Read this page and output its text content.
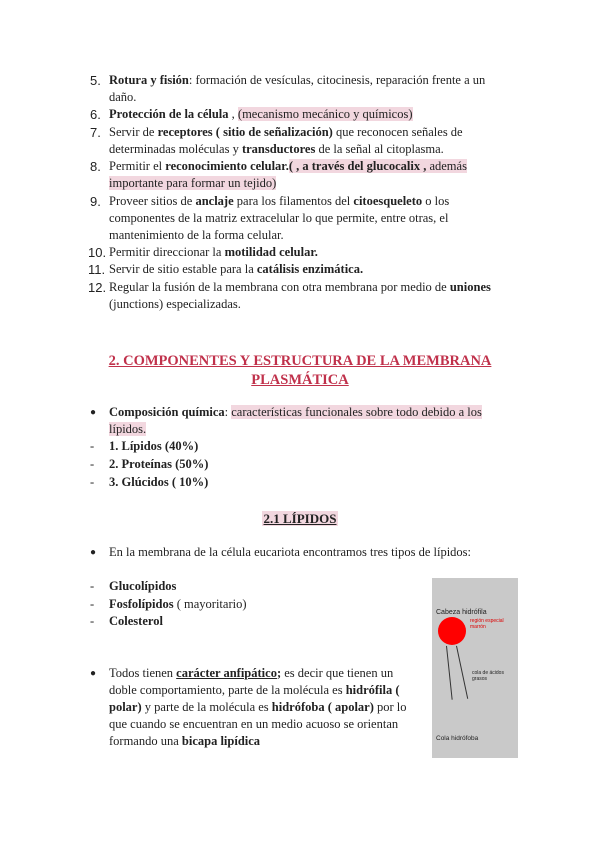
5. Rotura y fisión: formación de vesículas, citocinesis, reparación frente a un daño.
6. Protección de la célula , (mecanismo mecánico y químicos)
7. Servir de receptores ( sitio de señalización) que reconocen señales de determinadas moléculas y transductores de la señal al citoplasma.
8. Permitir el reconocimiento celular.( , a través del glucocalix , además importante para formar un tejido)
9. Proveer sitios de anclaje para los filamentos del citoesqueleto o los componentes de la matriz extracelular lo que permite, entre otras, el mantenimiento de la forma celular.
10. Permitir direccionar la motilidad celular.
11. Servir de sitio estable para la catálisis enzimática.
12. Regular la fusión de la membrana con otra membrana por medio de uniones (junctions) especializadas.
2. COMPONENTES Y ESTRUCTURA DE LA MEMBRANA
PLASMÁTICA
● Composición química: características funcionales sobre todo debido a los lípidos.
- 1. Lípidos (40%)
- 2. Proteínas (50%)
- 3. Glúcidos ( 10%)
2.1 LÍPIDOS
● En la membrana de la célula eucariota encontramos tres tipos de lípidos:
- Glucolípidos
- Fosfolípidos ( mayoritario)
- Colesterol
● Todos tienen carácter anfipático; es decir que tienen un doble comportamiento, parte de la molécula es hidrófila ( polar) y parte de la molécula es hidrófoba ( apolar) por lo que cuando se encuentran en un medio acuoso se orientan formando una bicapa lipídica
Cabeza hidrófila
región especial
marrón
cola de ácidos
grasos
Cola hidrófoba
